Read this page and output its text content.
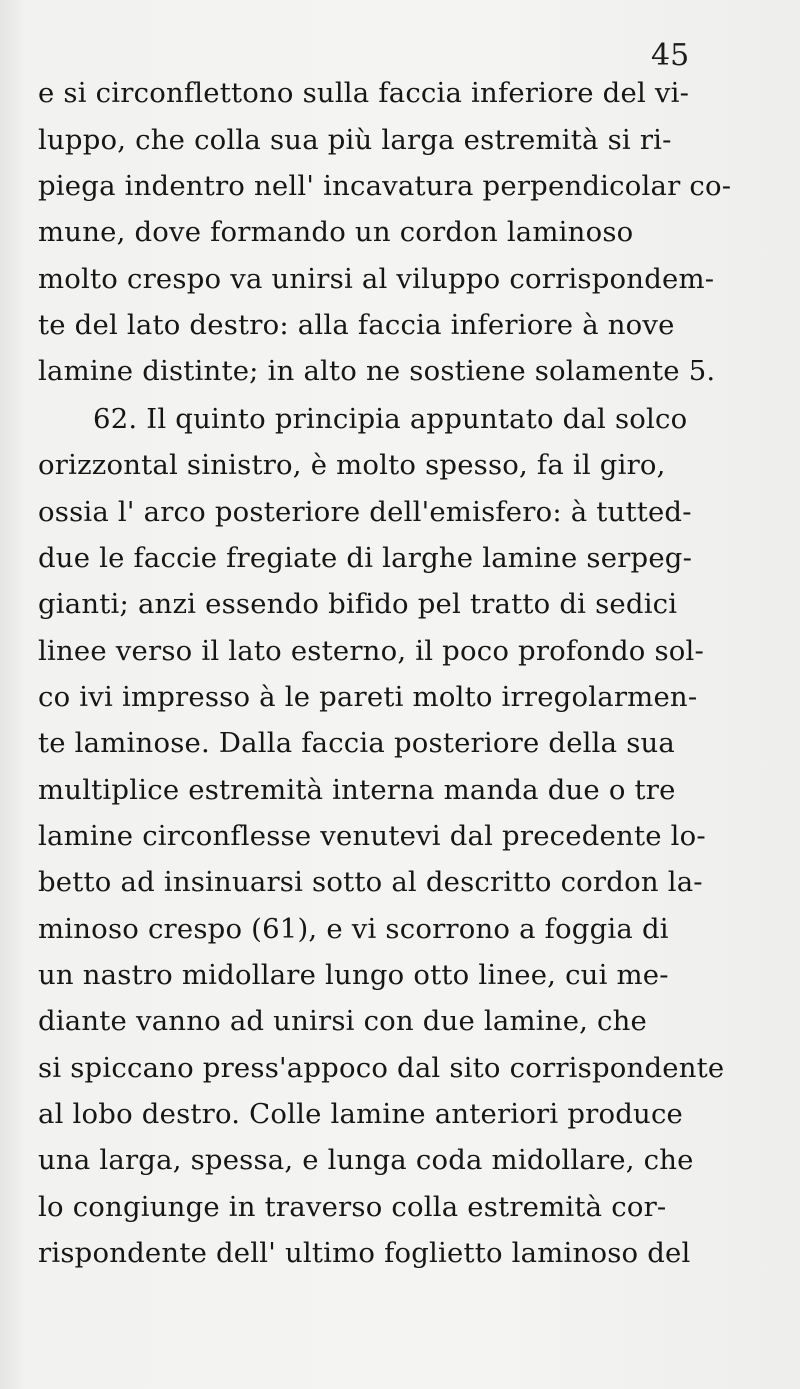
45
e si circonflettono sulla faccia inferiore del vi-
luppo, che colla sua più larga estremità si ri-
piega indentro nell' incavatura perpendicolar co-
mune, dove formando un cordon laminoso
molto crespo va unirsi al viluppo corrispondem-
te del lato destro: alla faccia inferiore à nove
lamine distinte; in alto ne sostiene solamente 5.
62. Il quinto principia appuntato dal solco
orizzontal sinistro, è molto spesso, fa il giro,
ossia l' arco posteriore dell'emisfero: à tutted-
due le faccie fregiate di larghe lamine serpeg-
gianti; anzi essendo bifido pel tratto di sedici
linee verso il lato esterno, il poco profondo sol-
co ivi impresso à le pareti molto irregolarmen-
te laminose. Dalla faccia posteriore della sua
multiplice estremità interna manda due o tre
lamine circonflesse venutevi dal precedente lo-
betto ad insinuarsi sotto al descritto cordon la-
minoso crespo (61), e vi scorrono a foggia di
un nastro midollare lungo otto linee, cui me-
diante vanno ad unirsi con due lamine, che
si spiccano press'appoco dal sito corrispondente
al lobo destro. Colle lamine anteriori produce
una larga, spessa, e lunga coda midollare, che
lo congiunge in traverso colla estremità cor-
rispondente dell' ultimo foglietto laminoso del
